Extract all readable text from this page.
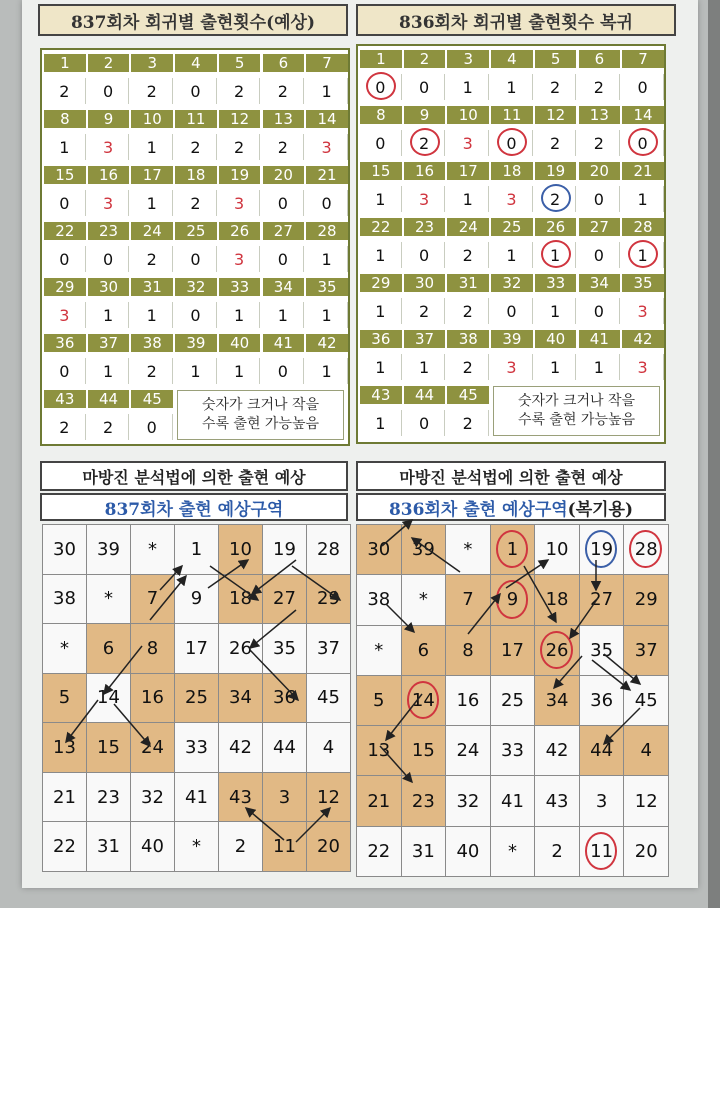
837회차 회귀별 출현횟수(예상)	836회차 회귀별 출현횟수 복귀
1	2	3	4	5	6	7
2	0	2	0	2	2	1
8	9	10	11	12	13	14
1	3	1	2	2	2	3
15	16	17	18	19	20	21
0	3	1	2	3	0	0
22	23	24	25	26	27	28
0	0	2	0	3	0	1
29	30	31	32	33	34	35
3	1	1	0	1	1	1
36	37	38	39	40	41	42
0	1	2	1	1	0	1
43	44	45
2	2	0
숫자가 크거나 작을
수록 출현 가능높음
1	2	3	4	5	6	7
0	0	1	1	2	2	0
8	9	10	11	12	13	14
0	2	3	0	2	2	0
15	16	17	18	19	20	21
1	3	1	3	2	0	1
22	23	24	25	26	27	28
1	0	2	1	1	0	1
29	30	31	32	33	34	35
1	2	2	0	1	0	3
36	37	38	39	40	41	42
1	1	2	3	1	1	3
43	44	45
1	0	2
숫자가 크거나 작을
수록 출현 가능높음
마방진 분석법에 의한 출현 예상
837회차 출현 예상구역
마방진 분석법에 의한 출현 예상
836회차 출현 예상구역 (복기용)
30	39	*	1	10	19	28
38	*	7	9	18	27	29
*	6	8	17	26	35	37
5	14	16	25	34	36	45
13	15	24	33	42	44	4
21	23	32	41	43	3	12
22	31	40	*	2	11	20
30	39	*	1	10	19	28
38	*	7	9	18	27	29
*	6	8	17	26	35	37
5	14	16	25	34	36	45
13	15	24	33	42	44	4
21	23	32	41	43	3	12
22	31	40	*	2	11	20
